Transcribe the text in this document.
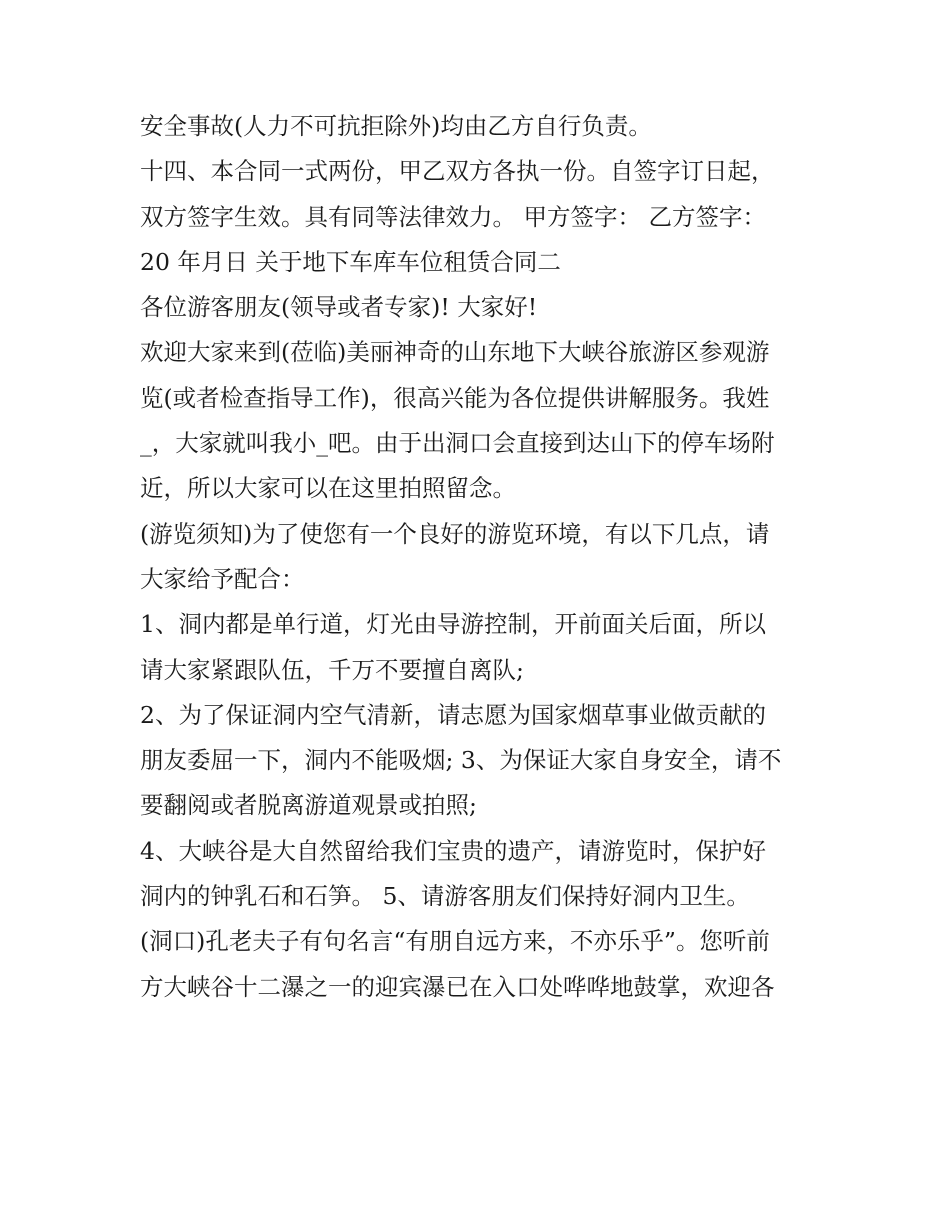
安全事故(人力不可抗拒除外)均由乙方自行负责。
十四、本合同一式两份，甲乙双方各执一份。自签字订日起，
双方签字生效。具有同等法律效力。 甲方签字： 乙方签字：
20 年月日 关于地下车库车位租赁合同二
各位游客朋友(领导或者专家)! 大家好!
欢迎大家来到(莅临)美丽神奇的山东地下大峡谷旅游区参观游
览(或者检查指导工作)，很高兴能为各位提供讲解服务。我姓
_，大家就叫我小_吧。由于出洞口会直接到达山下的停车场附
近，所以大家可以在这里拍照留念。
(游览须知)为了使您有一个良好的游览环境，有以下几点，请
大家给予配合：
1、洞内都是单行道，灯光由导游控制，开前面关后面，所以
请大家紧跟队伍，千万不要擅自离队;
2、为了保证洞内空气清新，请志愿为国家烟草事业做贡献的
朋友委屈一下，洞内不能吸烟; 3、为保证大家自身安全，请不
要翻阅或者脱离游道观景或拍照;
4、大峡谷是大自然留给我们宝贵的遗产，请游览时，保护好
洞内的钟乳石和石笋。 5、请游客朋友们保持好洞内卫生。
(洞口)孔老夫子有句名言“有朋自远方来，不亦乐乎”。您听前
方大峡谷十二瀑之一的迎宾瀑已在入口处哗哗地鼓掌，欢迎各
